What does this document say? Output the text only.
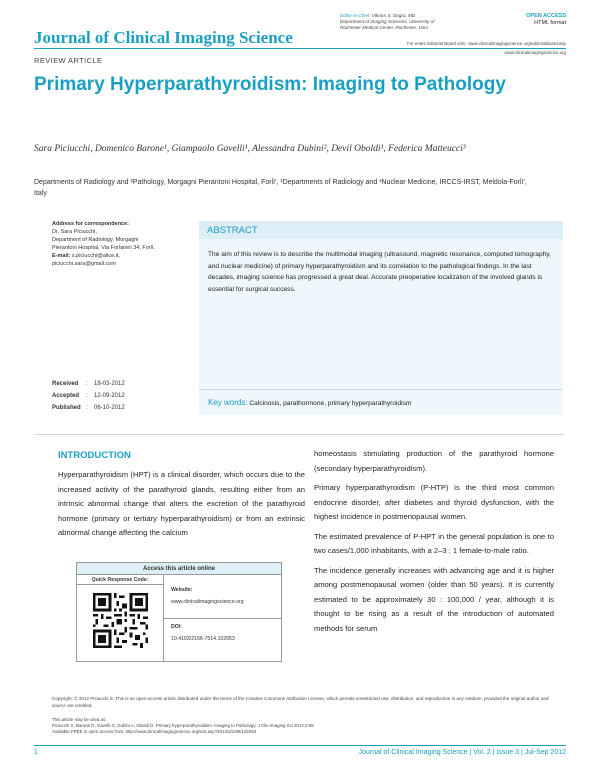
Journal of Clinical Imaging Science
Editor-in-Chief: Vikram S. Dogra, MD
Department of Imaging Sciences, University of
Rochester Medical Center, Rochester, USA
OPEN ACCESS
HTML format
For entire Editorial Board visit : www.clinicalimagingscience.org/editorialboard.asp
www.clinicalimagingscience.org
REVIEW ARTICLE
Primary Hyperparathyroidism: Imaging to Pathology
Sara Piciucchi, Domenico Barone¹, Giampaolo Gavelli¹, Alessandra Dubini², Devil Oboldi¹, Federica Matteucci³
Departments of Radiology and ²Pathology, Morgagni Pierantoni Hospital, Forlì', ¹Departments of Radiology and ³Nuclear Medicine, IRCCS-IRST, Meldola-Forlì', Italy
Address for correspondence:
Dr. Sara Piciucchi,
Department of Radiology, Morgagni
Pierantoni Hospital, Via Forlanini 34, Forlì.
E-mail: s.piciucchi@alice.it,
piciucchi.sara@gmail.com
Received	:	18-03-2012
Accepted	:	12-09-2012
Published :	06-10-2012
ABSTRACT
The aim of this review is to describe the multimodal imaging (ultrasound, magnetic resonance, computed tomography, and nuclear medicine) of primary hyperparathyroidism and its correlation to the pathological findings. In the last decades, imaging science has progressed a great deal. Accurate preoperative localization of the involved glands is essential for surgical success.
Key words: Calcinosis, parathormone, primary hyperparathyroidism
INTRODUCTION

Hyperparathyroidism (HPT) is a clinical disorder, which occurs due to the increased activity of the parathyroid glands, resulting either from an intrinsic abnormal change that alters the excretion of the parathyroid hormone (primary or tertiary hyperparathyroidism) or from an extrinsic abnormal change affecting the calcium

homeostasis stimulating production of the parathyroid hormone (secondary hyperparathyroidism).

Primary hyperparathyroidism (P-HTP) is the third most common endocrine disorder, after diabetes and thyroid dysfunction, with the highest incidence in postmenopausal women.

The estimated prevalence of P-HPT in the general population is one to two cases/1,000 inhabitants, with a 2–3 : 1 female-to-male ratio.

The incidence generally increases with advancing age and it is higher among postmenopausal women (older than 50 years). It is currently estimated to be approximately 30 : 100,000 / year, although it is thought to be rising as a result of the introduction of automated methods for serum

Access this article online
Quick Response Code:
Website:
www.clinicalimagingscience.org
DOI:
10.4103/2156-7514.102053
Copyright: © 2012 Piciucchi S. This is an open-access article distributed under the terms of the Creative Commons Attribution License, which permits unrestricted use, distribution, and reproduction in any medium, provided the original author and source are credited.
This article may be cited as:
Piciucchi S, Barone D, Gavelli G, Dubini A, Oboldi D. Primary hyperparathyroidism: Imaging to Pathology. J Clin Imaging Sci 2012;2:59.
Available FREE in open access from: http://www.clinicalimagingscience.org/text.asp?2012/2/1/59/102053
1	Journal of Clinical Imaging Science | Vol. 2 | Issue 3 | Jul-Sep 2012
